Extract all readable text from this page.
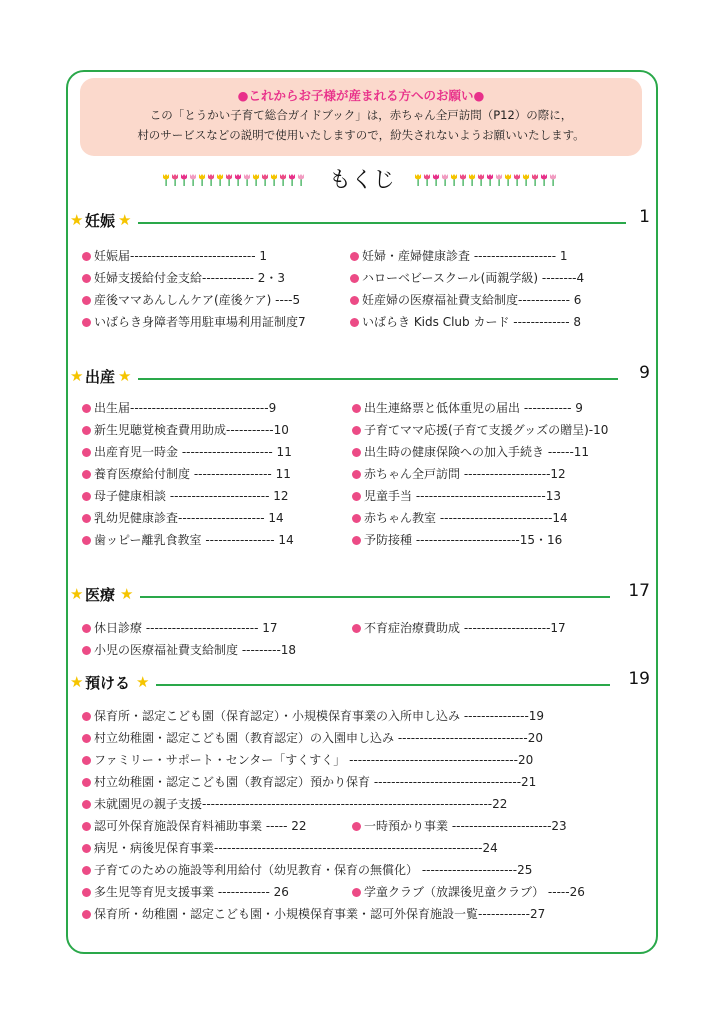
●これからお子様が産まれる方へのお願い●
この「とうかい子育て総合ガイドブック」は，赤ちゃん全戸訪問（P12）の際に，
村のサービスなどの説明で使用いたしますので，紛失されないようお願いいたします。
もくじ
★ 妊娠 ★	1
妊娠届----------------------------- 1	妊婦・産婦健康診査 ------------------- 1
妊婦支援給付金支給------------ 2・3	ハローベビースクール(両親学級) --------4
産後ママあんしんケア(産後ケア) ----5	妊産婦の医療福祉費支給制度------------ 6
いばらき身障者等用駐車場利用証制度7	いばらき Kids Club カード ------------- 8
★ 出産 ★	9
出生届--------------------------------9	出生連絡票と低体重児の届出 ----------- 9
新生児聴覚検査費用助成-----------10	子育てママ応援(子育て支援グッズの贈呈)-10
出産育児一時金 --------------------- 11	出生時の健康保険への加入手続き ------11
養育医療給付制度 ------------------ 11	赤ちゃん全戸訪問 --------------------12
母子健康相談 ----------------------- 12	児童手当 ------------------------------13
乳幼児健康診査-------------------- 14	赤ちゃん教室 --------------------------14
歯ッピー離乳食教室 ---------------- 14	予防接種 ------------------------15・16
★ 医療 ★	17
休日診療 -------------------------- 17	不育症治療費助成 --------------------17
小児の医療福祉費支給制度 ---------18
★ 預ける ★	19
保育所・認定こども園（保育認定）・小規模保育事業の入所申し込み ---------------19
村立幼稚園・認定こども園（教育認定）の入園申し込み ------------------------------20
ファミリー・サポート・センター「すくすく」 ---------------------------------------20
村立幼稚園・認定こども園（教育認定）預かり保育 ----------------------------------21
未就園児の親子支援-------------------------------------------------------------------22
認可外保育施設保育料補助事業 ----- 22	一時預かり事業 -----------------------23
病児・病後児保育事業--------------------------------------------------------------24
子育てのための施設等利用給付（幼児教育・保育の無償化） ----------------------25
多生児等育児支援事業 ------------ 26	学童クラブ（放課後児童クラブ） -----26
保育所・幼稚園・認定こども園・小規模保育事業・認可外保育施設一覧------------27
